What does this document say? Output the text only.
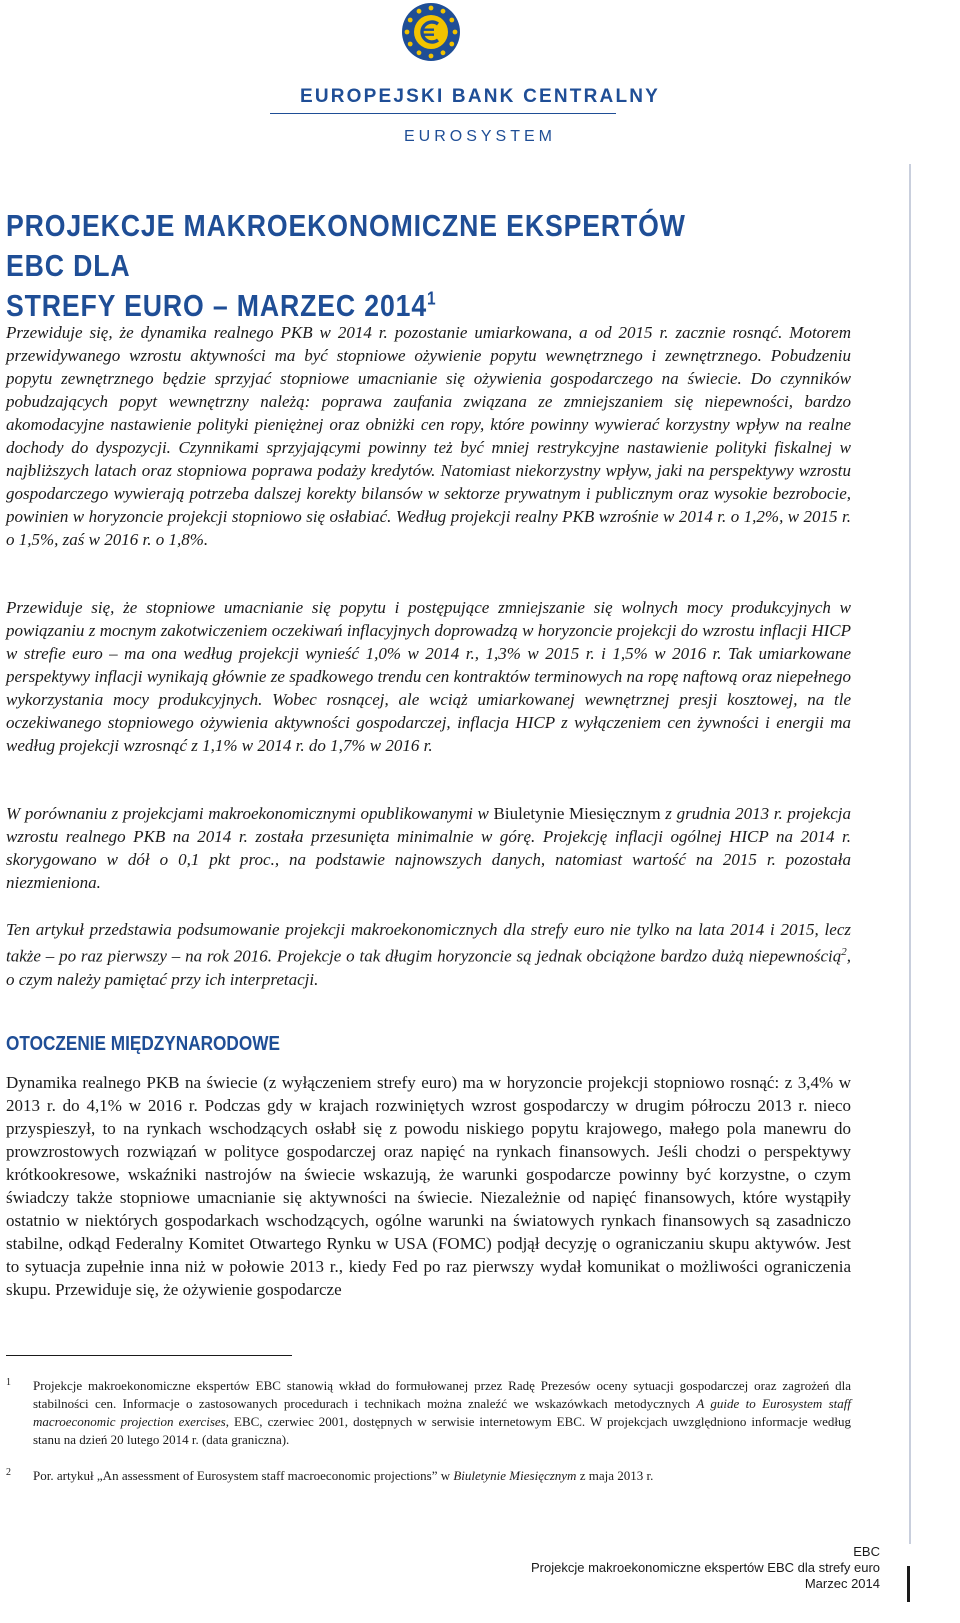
EUROPEJSKI BANK CENTRALNY
EUROSYSTEM
PROJEKCJE MAKROEKONOMICZNE EKSPERTÓW EBC DLA
STREFY EURO – MARZEC 2014$^1$

Przewiduje się, że dynamika realnego PKB w 2014 r. pozostanie umiarkowana, a od 2015 r. zacznie rosnąć. Motorem przewidywanego wzrostu aktywności ma być stopniowe ożywienie popytu wewnętrznego i zewnętrznego. Pobudzeniu popytu zewnętrznego będzie sprzyjać stopniowe umacnianie się ożywienia gospodarczego na świecie. Do czynników pobudzających popyt wewnętrzny należą: poprawa zaufania związana ze zmniejszaniem się niepewności, bardzo akomodacyjne nastawienie polityki pieniężnej oraz obniżki cen ropy, które powinny wywierać korzystny wpływ na realne dochody do dyspozycji. Czynnikami sprzyjającymi powinny też być mniej restrykcyjne nastawienie polityki fiskalnej w najbliższych latach oraz stopniowa poprawa podaży kredytów. Natomiast niekorzystny wpływ, jaki na perspektywy wzrostu gospodarczego wywierają potrzeba dalszej korekty bilansów w sektorze prywatnym i publicznym oraz wysokie bezrobocie, powinien w horyzoncie projekcji stopniowo się osłabiać. Według projekcji realny PKB wzrośnie w 2014 r. o 1,2%, w 2015 r. o 1,5%, zaś w 2016 r. o 1,8%.

Przewiduje się, że stopniowe umacnianie się popytu i postępujące zmniejszanie się wolnych mocy produkcyjnych w powiązaniu z mocnym zakotwiczeniem oczekiwań inflacyjnych doprowadzą w horyzoncie projekcji do wzrostu inflacji HICP w strefie euro – ma ona według projekcji wynieść 1,0% w 2014 r., 1,3% w 2015 r. i 1,5% w 2016 r. Tak umiarkowane perspektywy inflacji wynikają głównie ze spadkowego trendu cen kontraktów terminowych na ropę naftową oraz niepełnego wykorzystania mocy produkcyjnych. Wobec rosnącej, ale wciąż umiarkowanej wewnętrznej presji kosztowej, na tle oczekiwanego stopniowego ożywienia aktywności gospodarczej, inflacja HICP z wyłączeniem cen żywności i energii ma według projekcji wzrosnąć z 1,1% w 2014 r. do 1,7% w 2016 r.

W porównaniu z projekcjami makroekonomicznymi opublikowanymi w Biuletynie Miesięcznym z grudnia 2013 r. projekcja wzrostu realnego PKB na 2014 r. została przesunięta minimalnie w górę. Projekcję inflacji ogólnej HICP na 2014 r. skorygowano w dół o 0,1 pkt proc., na podstawie najnowszych danych, natomiast wartość na 2015 r. pozostała niezmieniona.

Ten artykuł przedstawia podsumowanie projekcji makroekonomicznych dla strefy euro nie tylko na lata 2014 i 2015, lecz także – po raz pierwszy – na rok 2016. Projekcje o tak długim horyzoncie są jednak obciążone bardzo dużą niepewnością$^2$, o czym należy pamiętać przy ich interpretacji.

OTOCZENIE MIĘDZYNARODOWE

Dynamika realnego PKB na świecie (z wyłączeniem strefy euro) ma w horyzoncie projekcji stopniowo rosnąć: z 3,4% w 2013 r. do 4,1% w 2016 r. Podczas gdy w krajach rozwiniętych wzrost gospodarczy w drugim półroczu 2013 r. nieco przyspieszył, to na rynkach wschodzących osłabł się z powodu niskiego popytu krajowego, małego pola manewru do prowzrostowych rozwiązań w polityce gospodarczej oraz napięć na rynkach finansowych. Jeśli chodzi o perspektywy krótkookresowe, wskaźniki nastrojów na świecie wskazują, że warunki gospodarcze powinny być korzystne, o czym świadczy także stopniowe umacnianie się aktywności na świecie. Niezależnie od napięć finansowych, które wystąpiły ostatnio w niektórych gospodarkach wschodzących, ogólne warunki na światowych rynkach finansowych są zasadniczo stabilne, odkąd Federalny Komitet Otwartego Rynku w USA (FOMC) podjął decyzję o ograniczaniu skupu aktywów. Jest to sytuacja zupełnie inna niż w połowie 2013 r., kiedy Fed po raz pierwszy wydał komunikat o możliwości ograniczenia skupu. Przewiduje się, że ożywienie gospodarcze

1 Projekcje makroekonomiczne ekspertów EBC stanowią wkład do formułowanej przez Radę Prezesów oceny sytuacji gospodarczej oraz zagrożeń dla stabilności cen. Informacje o zastosowanych procedurach i technikach można znaleźć we wskazówkach metodycznych A guide to Eurosystem staff macroeconomic projection exercises, EBC, czerwiec 2001, dostępnych w serwisie internetowym EBC. W projekcjach uwzględniono informacje według stanu na dzień 20 lutego 2014 r. (data graniczna).
2 Por. artykuł „An assessment of Eurosystem staff macroeconomic projections” w Biuletynie Miesięcznym z maja 2013 r.
EBC
Projekcje makroekonomiczne ekspertów EBC dla strefy euro
Marzec 2014
